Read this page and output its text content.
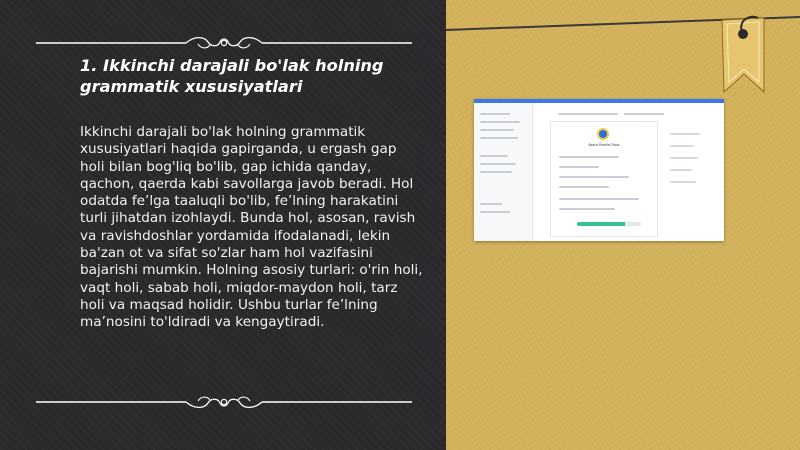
1. Ikkinchi darajali bo'lak holning grammatik xususiyatlari

Ikkinchi darajali bo'lak holning grammatik xususiyatlari haqida gapirganda, u ergash gap holi bilan bog'liq bo'lib, gap ichida qanday, qachon, qaerda kabi savollarga javob beradi. Hol odatda fe’lga taaluqli bo'lib, fe’lning harakatini turli jihatdan izohlaydi. Bunda hol, asosan, ravish va ravishdoshlar yordamida ifodalanadi, lekin ba'zan ot va sifat so'zlar ham hol vazifasini bajarishi mumkin. Holning asosiy turlari: o'rin holi, vaqt holi, sabab holi, miqdor-maydon holi, tarz holi va maqsad holidir. Ushbu turlar fe’lning ma’nosini to'ldiradi va kengaytiradi.

Bosch Parallel Tools
